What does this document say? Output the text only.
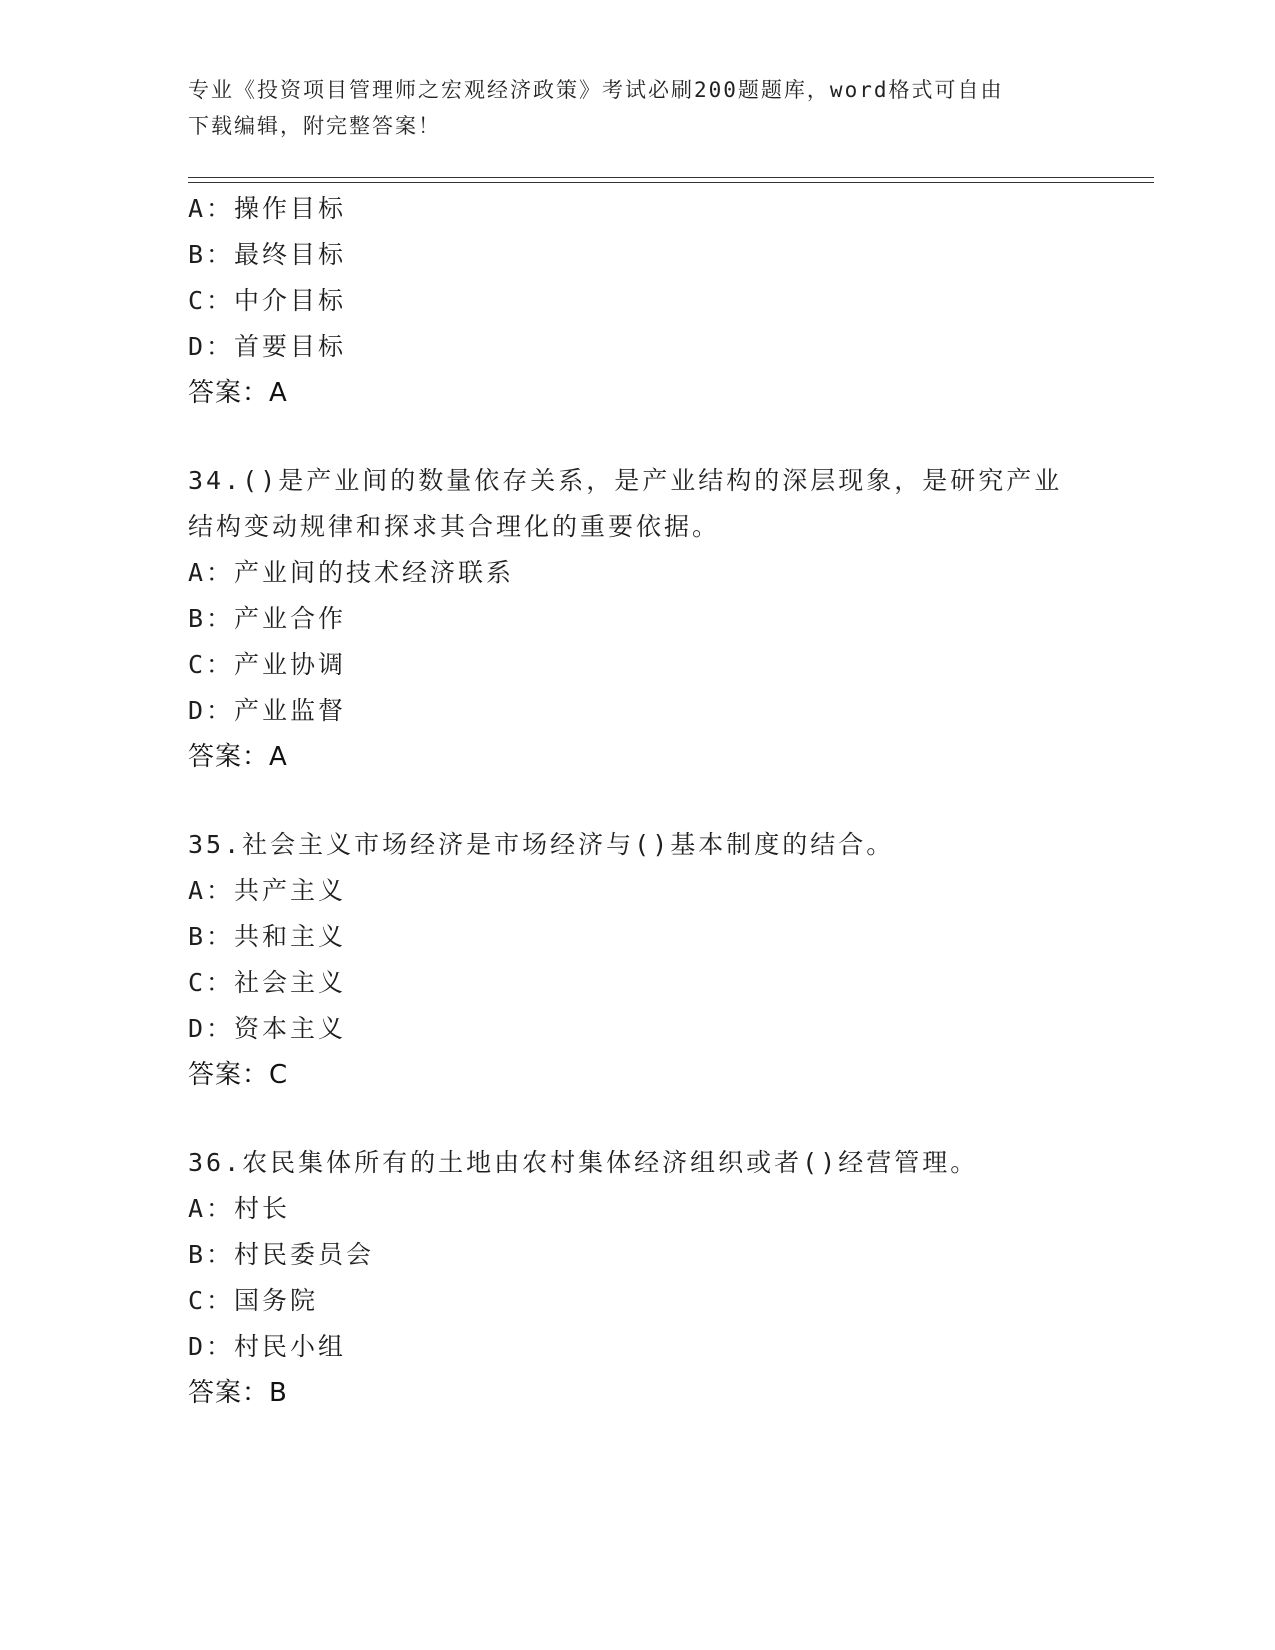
专业《投资项目管理师之宏观经济政策》考试必刷200题题库，word格式可自由
下载编辑，附完整答案！
A：操作目标
B：最终目标
C：中介目标
D：首要目标
答案：A
34.()是产业间的数量依存关系，是产业结构的深层现象，是研究产业
结构变动规律和探求其合理化的重要依据。
A：产业间的技术经济联系
B：产业合作
C：产业协调
D：产业监督
答案：A
35.社会主义市场经济是市场经济与()基本制度的结合。
A：共产主义
B：共和主义
C：社会主义
D：资本主义
答案：C
36.农民集体所有的土地由农村集体经济组织或者()经营管理。
A：村长
B：村民委员会
C：国务院
D：村民小组
答案：B
